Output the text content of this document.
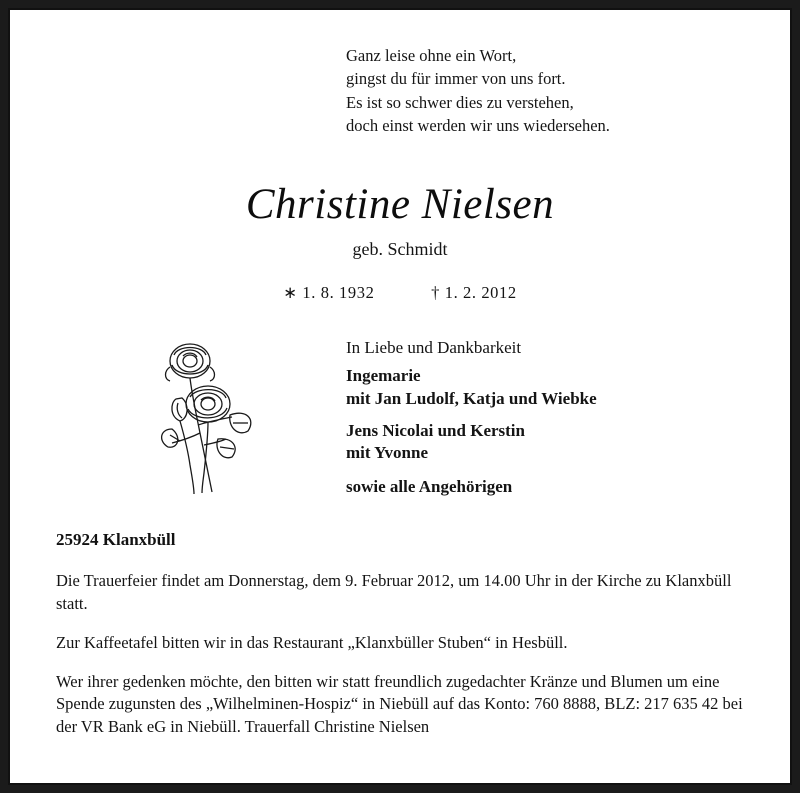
Ganz leise ohne ein Wort,
gingst du für immer von uns fort.
Es ist so schwer dies zu verstehen,
doch einst werden wir uns wiedersehen.
Christine Nielsen
geb. Schmidt
∗ 1. 8. 1932	† 1. 2. 2012
In Liebe und Dankbarkeit
Ingemarie
mit Jan Ludolf, Katja und Wiebke
Jens Nicolai und Kerstin
mit Yvonne
sowie alle Angehörigen
25924 Klanxbüll
Die Trauerfeier findet am Donnerstag, dem 9. Februar 2012, um 14.00 Uhr in der Kirche zu Klanxbüll statt.
Zur Kaffeetafel bitten wir in das Restaurant „Klanxbüller Stuben“ in Hesbüll.
Wer ihrer gedenken möchte, den bitten wir statt freundlich zugedachter Kränze und Blumen um eine Spende zugunsten des „Wilhelminen-Hospiz“ in Niebüll auf das Konto: 760 8888, BLZ: 217 635 42 bei der VR Bank eG in Niebüll. Trauerfall Christine Nielsen
